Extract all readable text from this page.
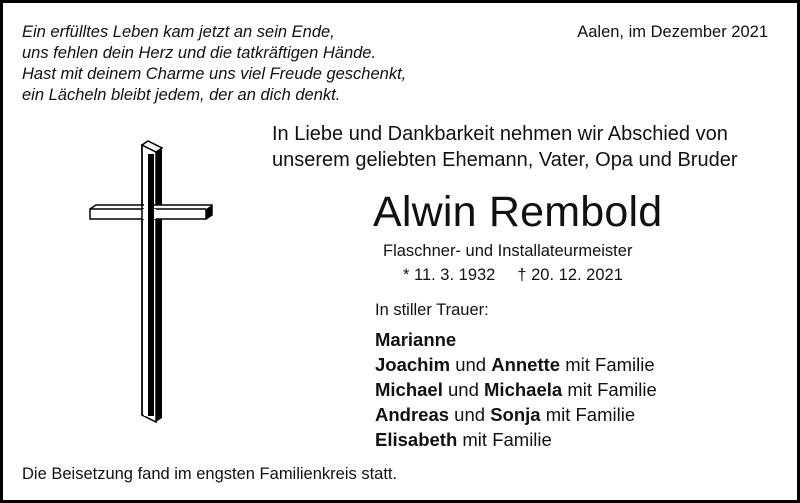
Ein erfülltes Leben kam jetzt an sein Ende,
uns fehlen dein Herz und die tatkräftigen Hände.
Hast mit deinem Charme uns viel Freude geschenkt,
ein Lächeln bleibt jedem, der an dich denkt.
Aalen, im Dezember 2021
In Liebe und Dankbarkeit nehmen wir Abschied von
unserem geliebten Ehemann, Vater, Opa und Bruder
Alwin Rembold
Flaschner- und Installateurmeister
* 11. 3. 1932 † 20. 12. 2021
In stiller Trauer:
Marianne
Joachim und Annette mit Familie
Michael und Michaela mit Familie
Andreas und Sonja mit Familie
Elisabeth mit Familie
Die Beisetzung fand im engsten Familienkreis statt.
